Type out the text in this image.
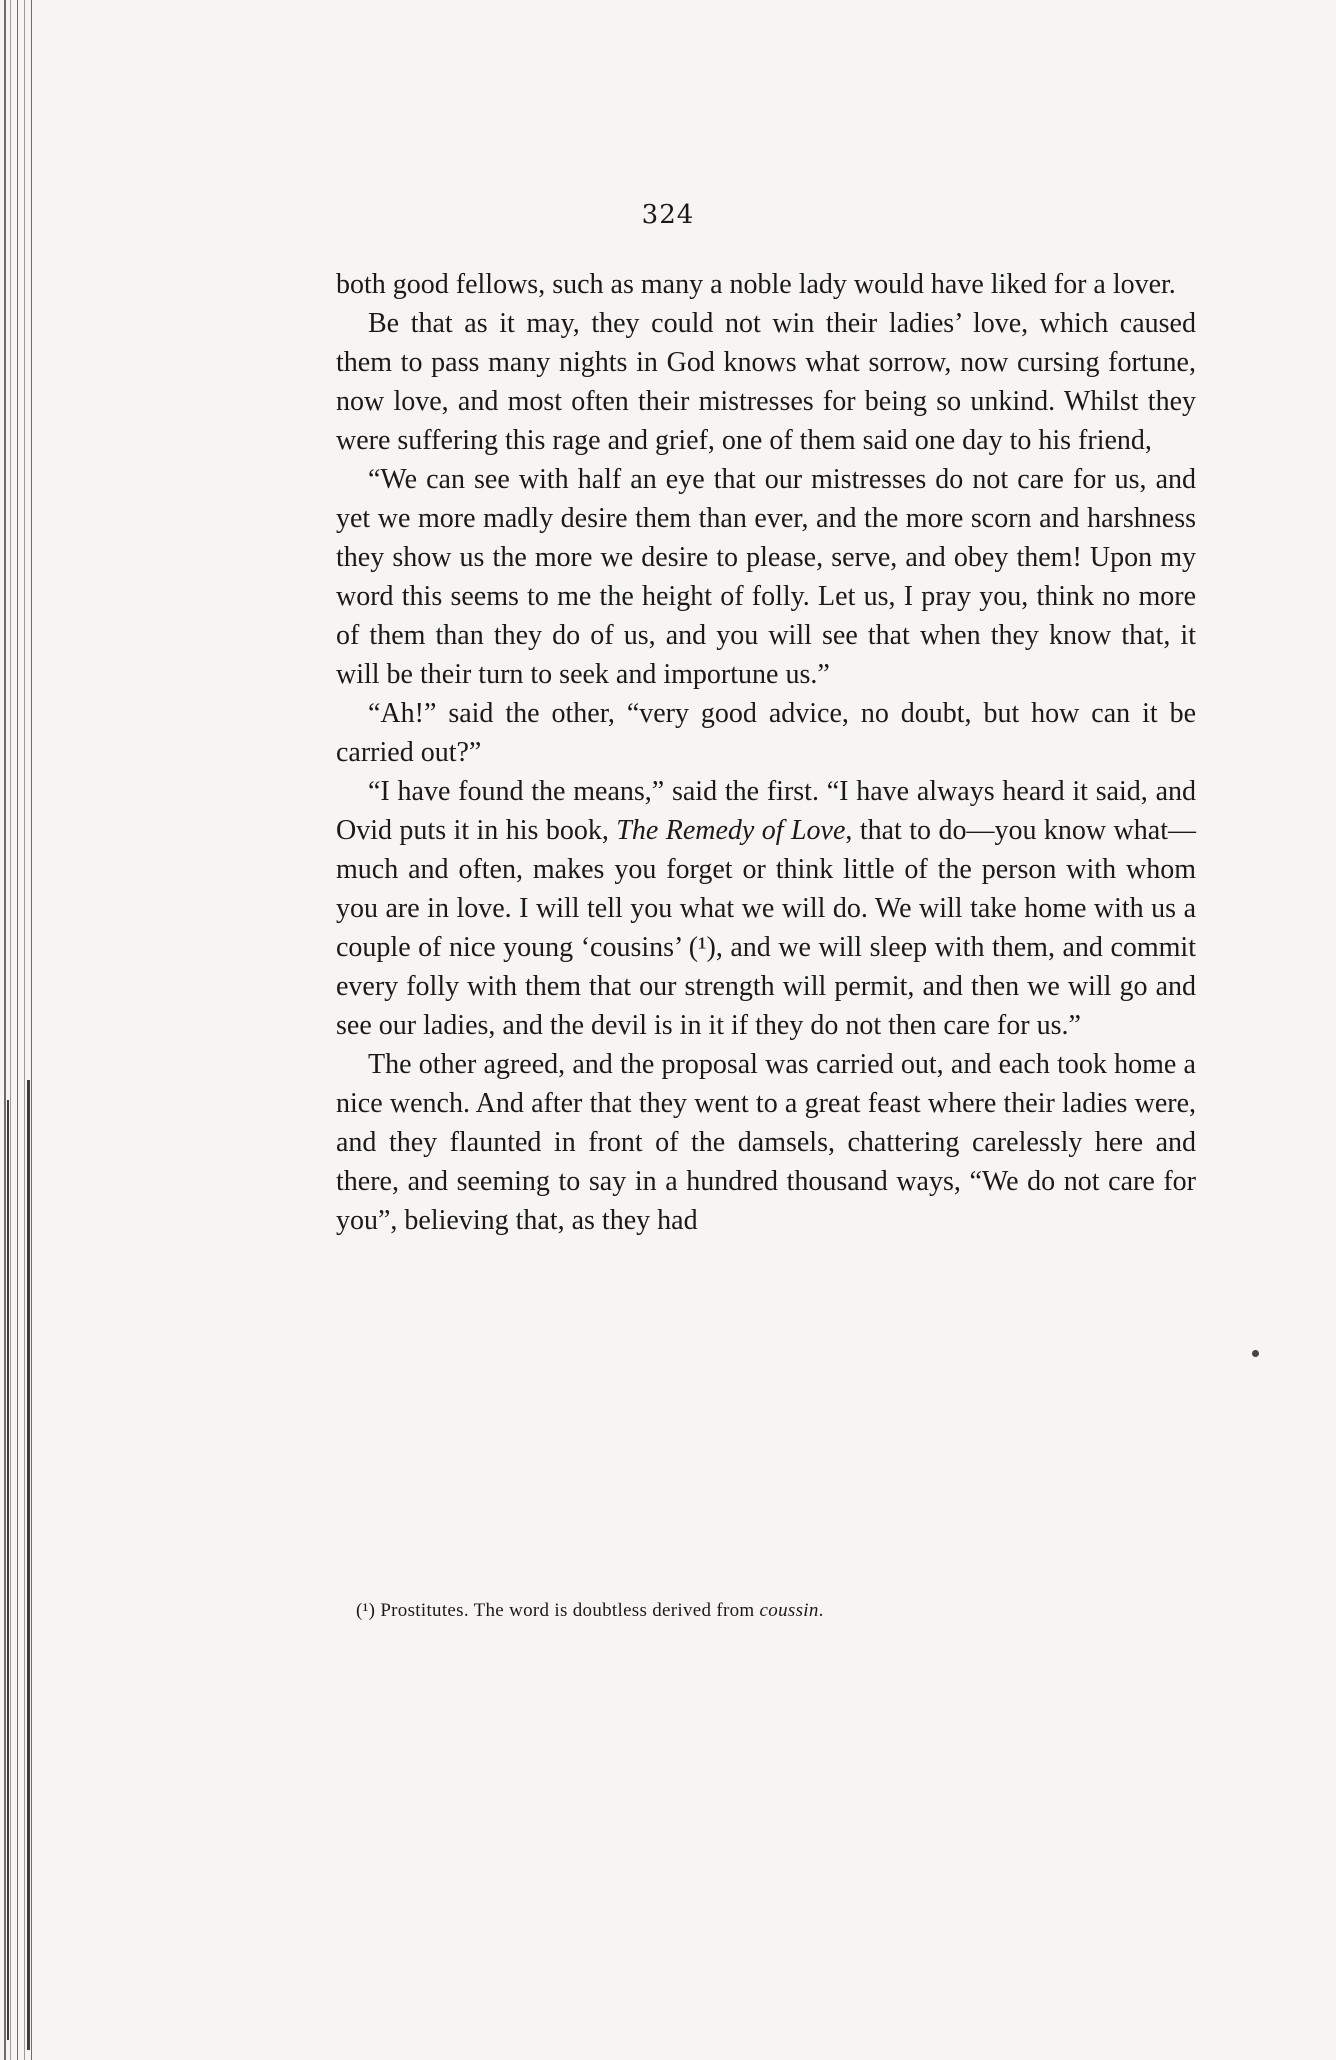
324

both good fellows, such as many a noble lady would have liked for a lover.

Be that as it may, they could not win their ladies’ love, which caused them to pass many nights in God knows what sorrow, now cursing fortune, now love, and most often their mistresses for being so unkind. Whilst they were suffering this rage and grief, one of them said one day to his friend,

“We can see with half an eye that our mistresses do not care for us, and yet we more madly desire them than ever, and the more scorn and harshness they show us the more we desire to please, serve, and obey them! Upon my word this seems to me the height of folly. Let us, I pray you, think no more of them than they do of us, and you will see that when they know that, it will be their turn to seek and importune us.”

“Ah!” said the other, “very good advice, no doubt, but how can it be carried out?”

“I have found the means,” said the first. “I have always heard it said, and Ovid puts it in his book, The Remedy of Love, that to do—you know what—much and often, makes you forget or think little of the person with whom you are in love. I will tell you what we will do. We will take home with us a couple of nice young ‘cousins’ (¹), and we will sleep with them, and commit every folly with them that our strength will permit, and then we will go and see our ladies, and the devil is in it if they do not then care for us.”

The other agreed, and the proposal was carried out, and each took home a nice wench. And after that they went to a great feast where their ladies were, and they flaunted in front of the damsels, chattering carelessly here and there, and seeming to say in a hundred thousand ways, “We do not care for you”, believing that, as they had

(¹) Prostitutes. The word is doubtless derived from coussin.
